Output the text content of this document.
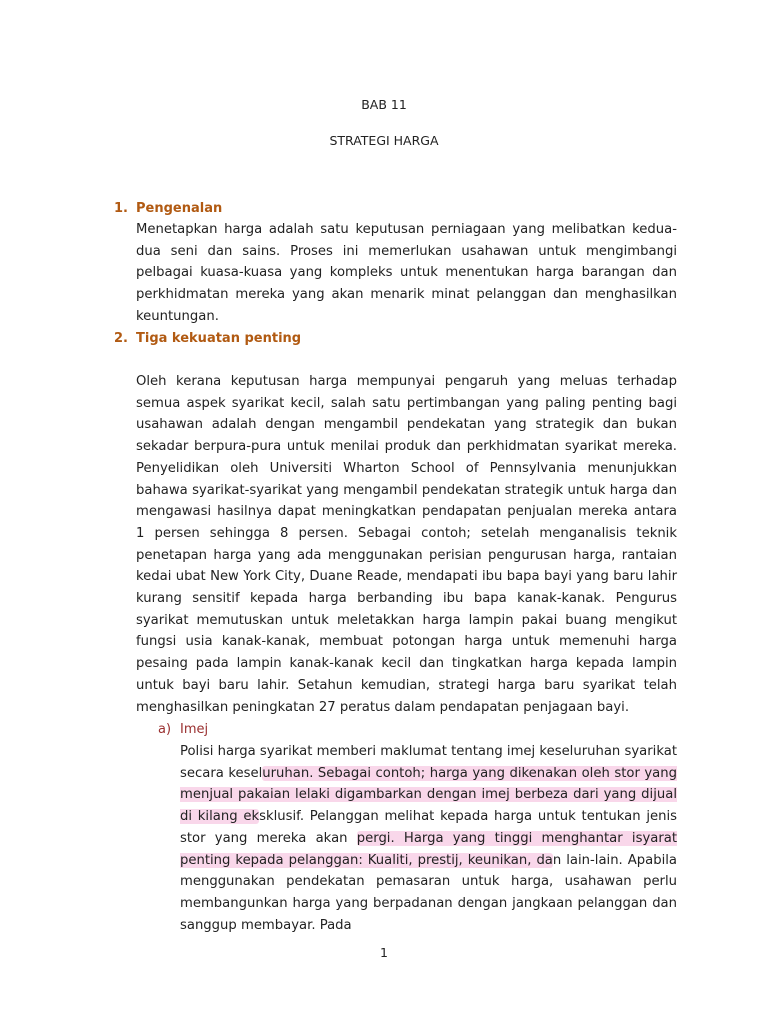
BAB 11
STRATEGI HARGA
1. Pengenalan

Menetapkan harga adalah satu keputusan perniagaan yang melibatkan kedua-dua seni dan sains. Proses ini memerlukan usahawan untuk mengimbangi pelbagai kuasa-kuasa yang kompleks untuk menentukan harga barangan dan perkhidmatan mereka yang akan menarik minat pelanggan dan menghasilkan keuntungan.

2. Tiga kekuatan penting

Oleh kerana keputusan harga mempunyai pengaruh yang meluas terhadap semua aspek syarikat kecil, salah satu pertimbangan yang paling penting bagi usahawan adalah dengan mengambil pendekatan yang strategik dan bukan sekadar berpura-pura untuk menilai produk dan perkhidmatan syarikat mereka. Penyelidikan oleh Universiti Wharton School of Pennsylvania menunjukkan bahawa syarikat-syarikat yang mengambil pendekatan strategik untuk harga dan mengawasi hasilnya dapat meningkatkan pendapatan penjualan mereka antara 1 persen sehingga 8 persen. Sebagai contoh; setelah menganalisis teknik penetapan harga yang ada menggunakan perisian pengurusan harga, rantaian kedai ubat New York City, Duane Reade, mendapati ibu bapa bayi yang baru lahir kurang sensitif kepada harga berbanding ibu bapa kanak-kanak. Pengurus syarikat memutuskan untuk meletakkan harga lampin pakai buang mengikut fungsi usia kanak-kanak, membuat potongan harga untuk memenuhi harga pesaing pada lampin kanak-kanak kecil dan tingkatkan harga kepada lampin untuk bayi baru lahir. Setahun kemudian, strategi harga baru syarikat telah menghasilkan peningkatan 27 peratus dalam pendapatan penjagaan bayi.

a) Imej

Polisi harga syarikat memberi maklumat tentang imej keseluruhan syarikat secara keseluruhan. Sebagai contoh; harga yang dikenakan oleh stor yang menjual pakaian lelaki digambarkan dengan imej berbeza dari yang dijual di kilang eksklusif. Pelanggan melihat kepada harga untuk tentukan jenis stor yang mereka akan pergi. Harga yang tinggi menghantar isyarat penting kepada pelanggan: Kualiti, prestij, keunikan, dan lain-lain. Apabila menggunakan pendekatan pemasaran untuk harga, usahawan perlu membangunkan harga yang berpadanan dengan jangkaan pelanggan dan sanggup membayar. Pada

1
